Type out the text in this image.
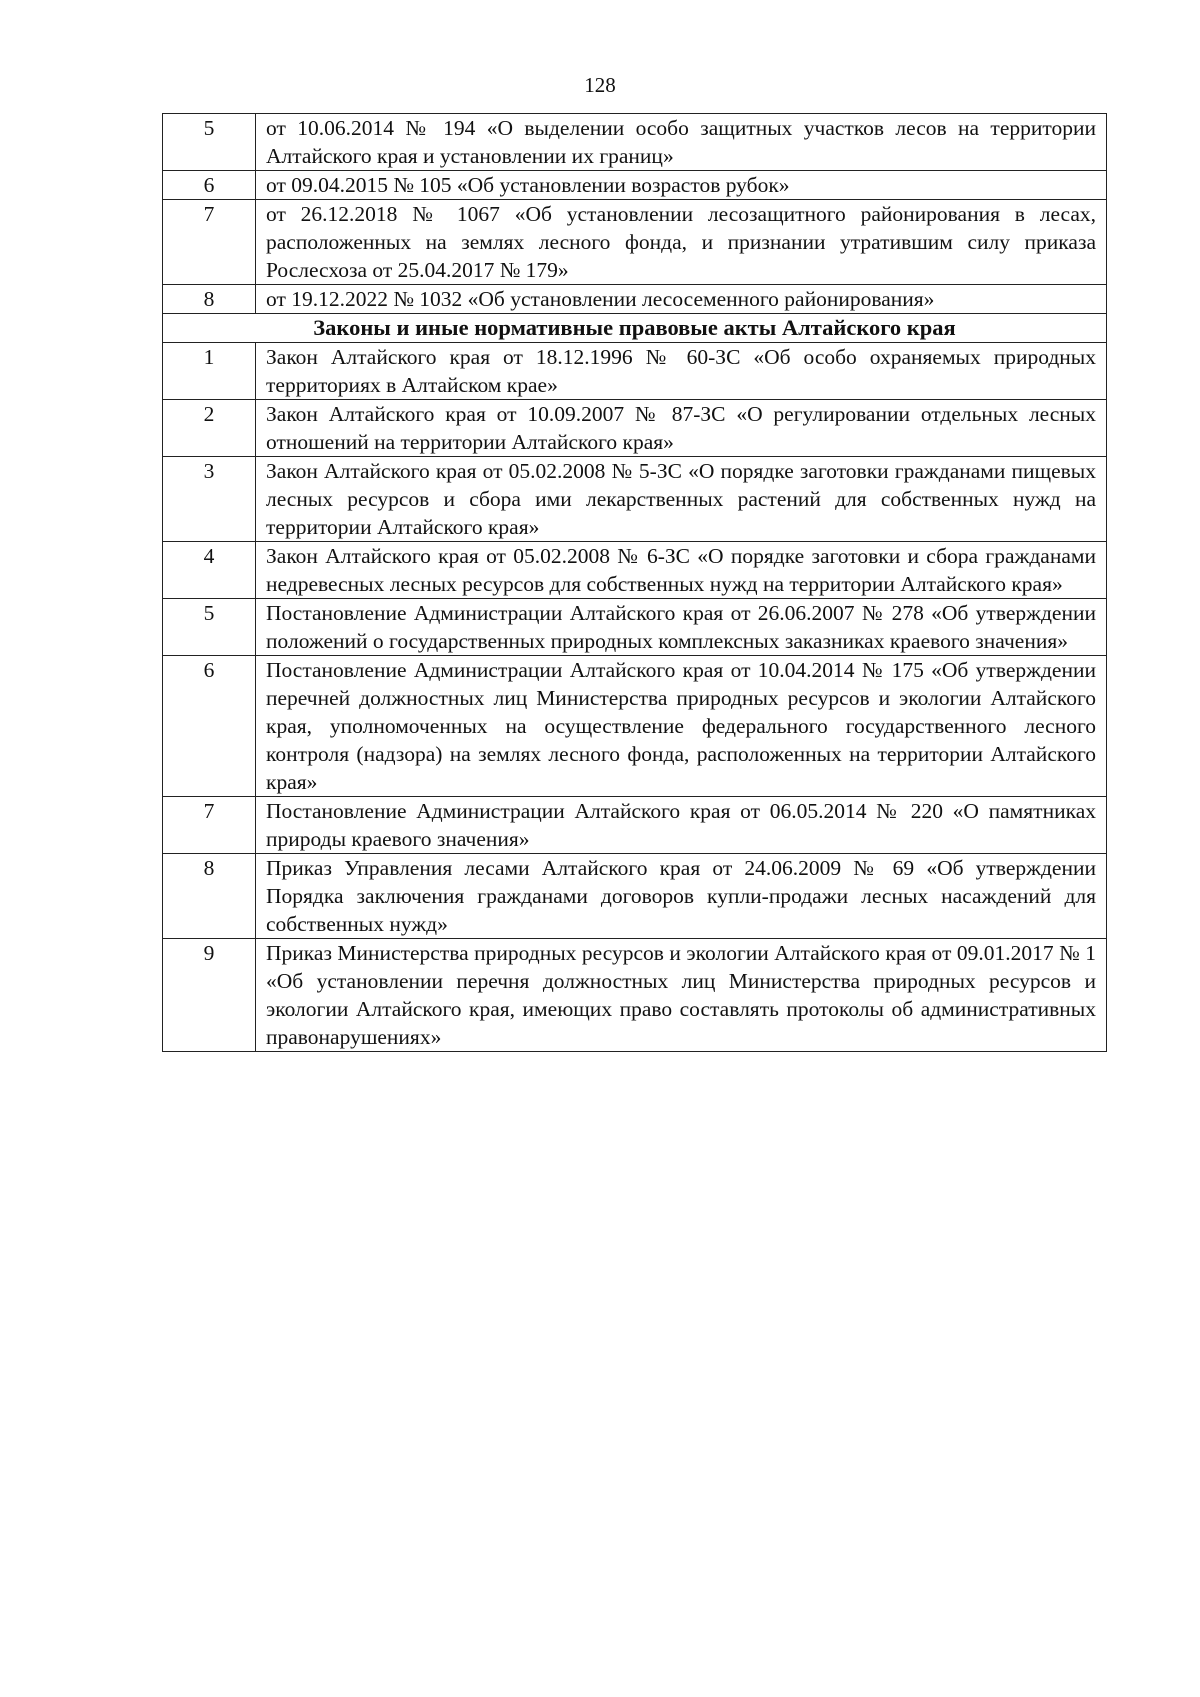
128
5	от 10.06.2014 № 194 «О выделении особо защитных участков лесов на территории Алтайского края и установлении их границ»
6	от 09.04.2015 № 105 «Об установлении возрастов рубок»
7	от 26.12.2018 № 1067 «Об установлении лесозащитного районирования в лесах, расположенных на землях лесного фонда, и признании утратившим силу приказа Рослесхоза от 25.04.2017 № 179»
8	от 19.12.2022 № 1032 «Об установлении лесосеменного районирования»
Законы и иные нормативные правовые акты Алтайского края	
1	Закон Алтайского края от 18.12.1996 № 60-ЗС «Об особо охраняемых природных территориях в Алтайском крае»
2	Закон Алтайского края от 10.09.2007 № 87-ЗС «О регулировании отдельных лесных отношений на территории Алтайского края»
3	Закон Алтайского края от 05.02.2008 № 5-ЗС «О порядке заготовки гражданами пищевых лесных ресурсов и сбора ими лекарственных растений для собственных нужд на территории Алтайского края»
4	Закон Алтайского края от 05.02.2008 № 6-ЗС «О порядке заготовки и сбора гражданами недревесных лесных ресурсов для собственных нужд на территории Алтайского края»
5	Постановление Администрации Алтайского края от 26.06.2007 № 278 «Об утверждении положений о государственных природных комплексных заказниках краевого значения»
6	Постановление Администрации Алтайского края от 10.04.2014 № 175 «Об утверждении перечней должностных лиц Министерства природных ресурсов и экологии Алтайского края, уполномоченных на осуществление федерального государственного лесного контроля (надзора) на землях лесного фонда, расположенных на территории Алтайского края»
7	Постановление Администрации Алтайского края от 06.05.2014 № 220 «О памятниках природы краевого значения»
8	Приказ Управления лесами Алтайского края от 24.06.2009 № 69 «Об утверждении Порядка заключения гражданами договоров купли-продажи лесных насаждений для собственных нужд»
9	Приказ Министерства природных ресурсов и экологии Алтайского края от 09.01.2017 № 1 «Об установлении перечня должностных лиц Министерства природных ресурсов и экологии Алтайского края, имеющих право составлять протоколы об административных правонарушениях»
